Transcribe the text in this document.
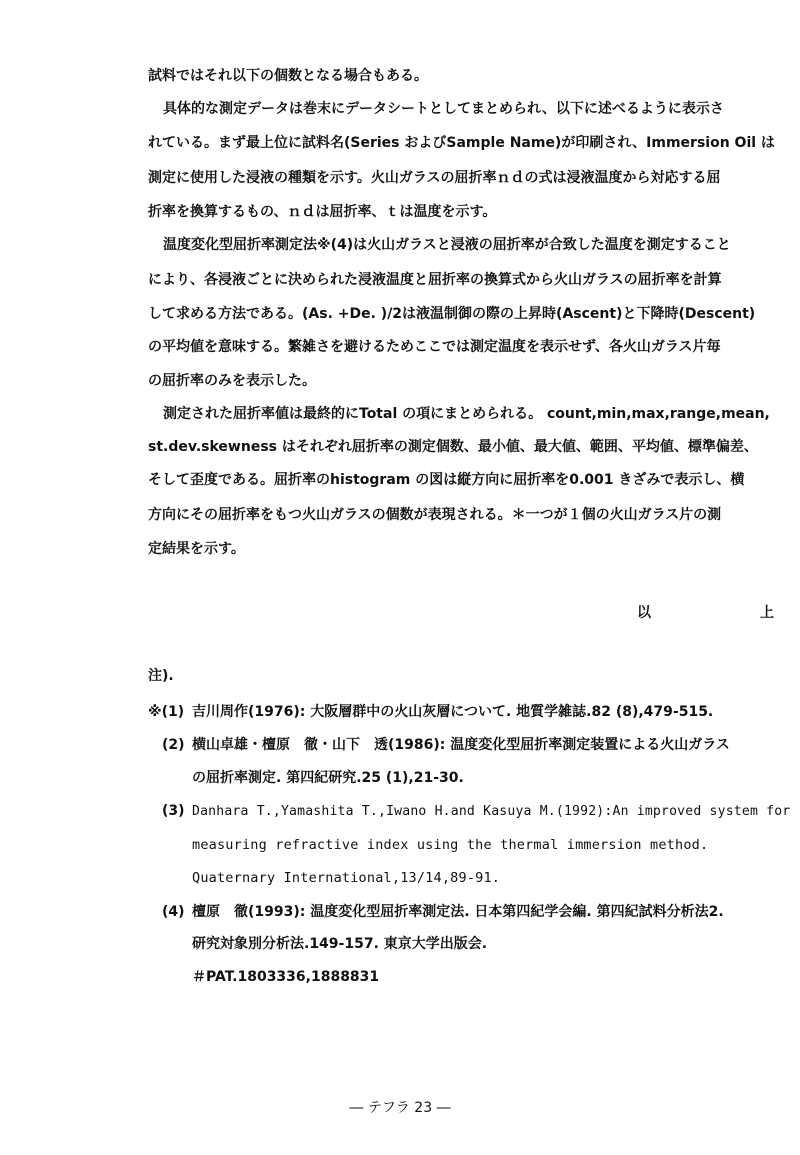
試料ではそれ以下の個数となる場合もある。
具体的な測定データは巻末にデータシートとしてまとめられ、以下に述べるように表示さ
れている。まず最上位に試料名(Series およびSample Name)が印刷され、Immersion Oil は
測定に使用した浸液の種類を示す。火山ガラスの屈折率ｎｄの式は浸液温度から対応する屈
折率を換算するもの、ｎｄは屈折率、ｔは温度を示す。
温度変化型屈折率測定法※(4)は火山ガラスと浸液の屈折率が合致した温度を測定すること
により、各浸液ごとに決められた浸液温度と屈折率の換算式から火山ガラスの屈折率を計算
して求める方法である。(As. +De. )/2は液温制御の際の上昇時(Ascent)と下降時(Descent)
の平均値を意味する。繁雑さを避けるためここでは測定温度を表示せず、各火山ガラス片毎
の屈折率のみを表示した。
測定された屈折率値は最終的にTotal の項にまとめられる。 count,min,max,range,mean,
st.dev.skewness はそれぞれ屈折率の測定個数、最小値、最大値、範囲、平均値、標準偏差、
そして歪度である。屈折率のhistogram の図は縦方向に屈折率を0.001 きざみで表示し、横
方向にその屈折率をもつ火山ガラスの個数が表現される。＊一つが１個の火山ガラス片の測
定結果を示す。
以	上
注).
※(1) 吉川周作(1976): 大阪層群中の火山灰層について. 地質学雑誌.82 (8),479-515.
(2) 横山卓雄・檀原　徹・山下　透(1986): 温度変化型屈折率測定装置による火山ガラス
の屈折率測定. 第四紀研究.25 (1),21-30.
(3) Danhara T.,Yamashita T.,Iwano H.and Kasuya M.(1992):An improved system for
measuring refractive index using the thermal immersion method.
Quaternary International,13/14,89-91.
(4) 檀原　徹(1993): 温度変化型屈折率測定法. 日本第四紀学会編. 第四紀試料分析法2.
研究対象別分析法.149-157. 東京大学出版会.
＃PAT.1803336,1888831
― テフラ 23 ―
